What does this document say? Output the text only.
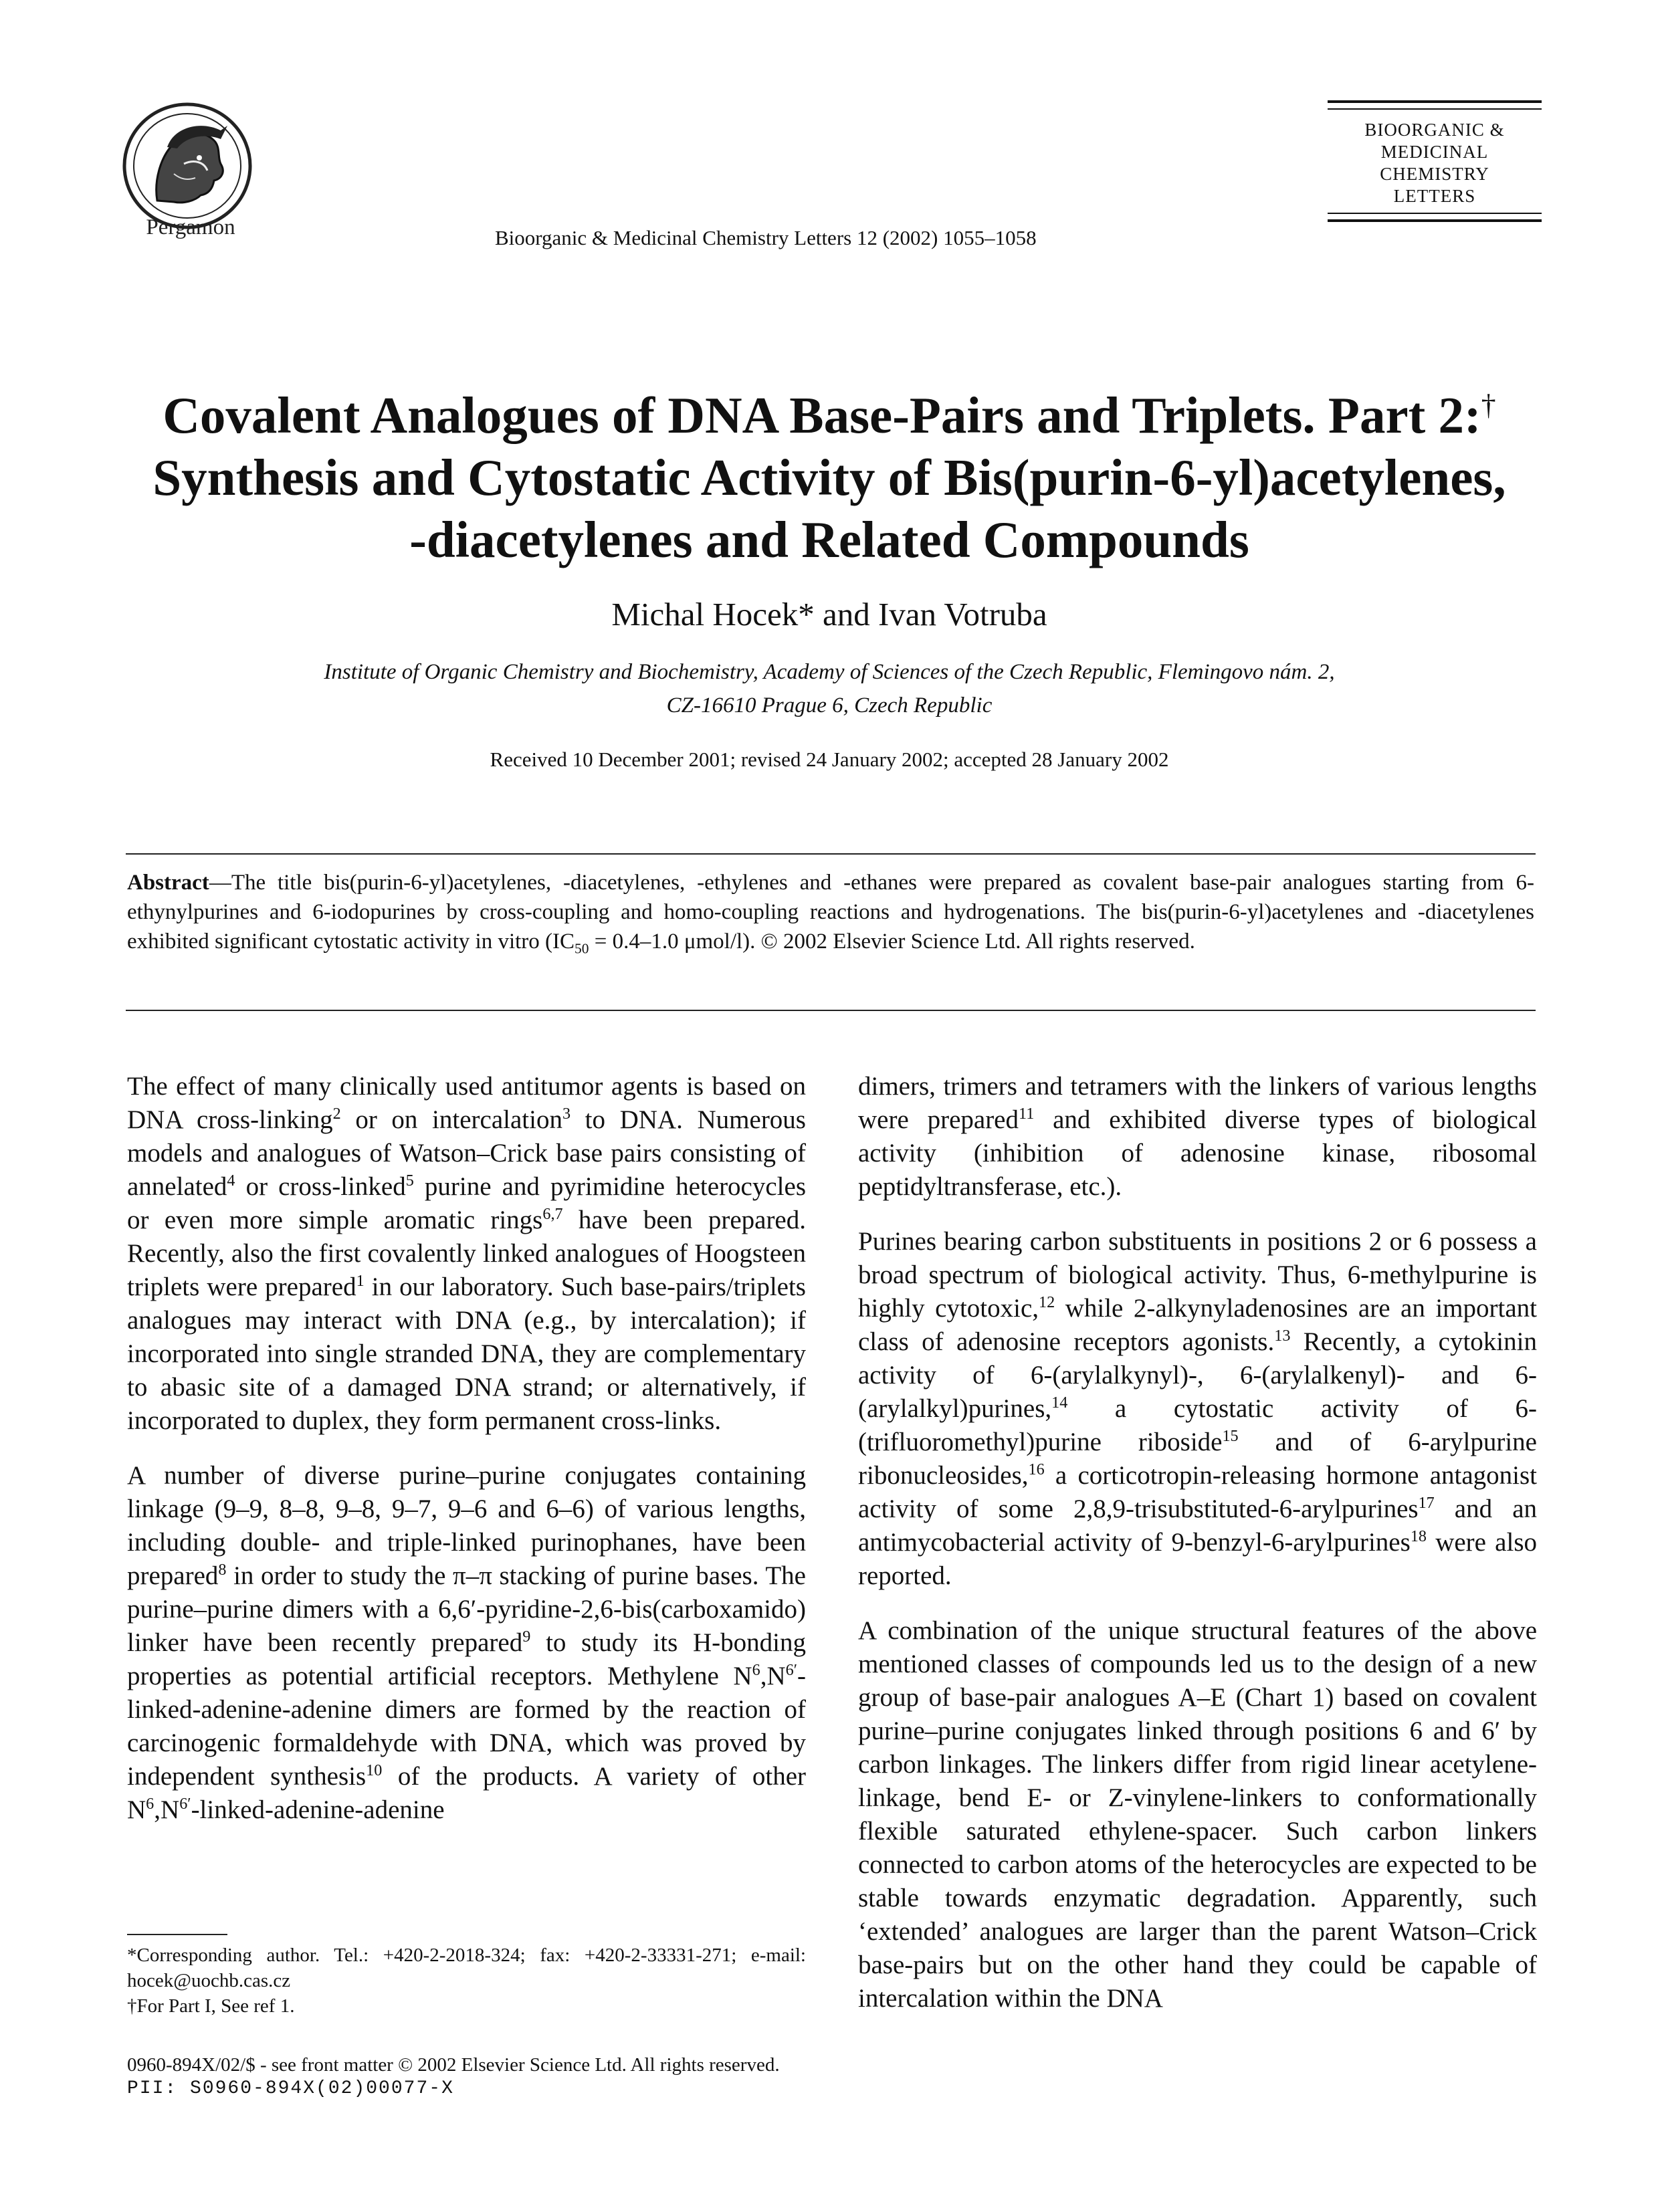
Pergamon	Bioorganic & Medicinal Chemistry Letters 12 (2002) 1055–1058
BIOORGANIC &
MEDICINAL
CHEMISTRY
LETTERS
Covalent Analogues of DNA Base-Pairs and Triplets. Part 2:†
Synthesis and Cytostatic Activity of Bis(purin-6-yl)acetylenes,
-diacetylenes and Related Compounds
Michal Hocek* and Ivan Votruba
Institute of Organic Chemistry and Biochemistry, Academy of Sciences of the Czech Republic, Flemingovo nám. 2,
CZ-16610 Prague 6, Czech Republic
Received 10 December 2001; revised 24 January 2002; accepted 28 January 2002
Abstract—The title bis(purin-6-yl)acetylenes, -diacetylenes, -ethylenes and -ethanes were prepared as covalent base-pair analogues starting from 6-ethynylpurines and 6-iodopurines by cross-coupling and homo-coupling reactions and hydrogenations. The bis(purin-6-yl)acetylenes and -diacetylenes exhibited significant cytostatic activity in vitro ($IC_{50} = 0.4-1.0$ μmol/l). © 2002 Elsevier Science Ltd. All rights reserved.

The effect of many clinically used antitumor agents is based on DNA cross-linking$^2$ or on intercalation$^3$ to DNA. Numerous models and analogues of Watson–Crick base pairs consisting of annelated$^4$ or cross-linked$^5$ purine and pyrimidine heterocycles or even more simple aromatic rings$^{6,7}$ have been prepared. Recently, also the first covalently linked analogues of Hoogsteen triplets were prepared$^1$ in our laboratory. Such base-pairs/triplets analogues may interact with DNA (e.g., by intercalation); if incorporated into single stranded DNA, they are complementary to abasic site of a damaged DNA strand; or alternatively, if incorporated to duplex, they form permanent cross-links.

A number of diverse purine–purine conjugates containing linkage (9–9, 8–8, 9–8, 9–7, 9–6 and 6–6) of various lengths, including double- and triple-linked purinophanes, have been prepared$^8$ in order to study the π–π stacking of purine bases. The purine–purine dimers with a 6,6′-pyridine-2,6-bis(carboxamido) linker have been recently prepared$^9$ to study its H-bonding properties as potential artificial receptors. Methylene $N^6,N^{6'}-linked-adenine$-adenine dimers are formed by the reaction of carcinogenic formaldehyde with DNA, which was proved by independent synthesis$^{10}$ of the products. A variety of other $N^6,N^{6'}-linked-adenine$-adenine

dimers, trimers and tetramers with the linkers of various lengths were prepared$^{11}$ and exhibited diverse types of biological activity (inhibition of adenosine kinase, ribosomal peptidyltransferase, etc.).

Purines bearing carbon substituents in positions 2 or 6 possess a broad spectrum of biological activity. Thus, 6-methylpurine is highly cytotoxic,$^{12}$ while 2-alkynyladenosines are an important class of adenosine receptors agonists.$^{13}$ Recently, a cytokinin activity of 6-(arylalkynyl)-, 6-(arylalkenyl)- and 6-(arylalkyl)purines,$^{14}$ a cytostatic activity of 6-(trifluoromethyl)purine riboside$^{15}$ and of 6-arylpurine ribonucleosides,$^{16}$ a corticotropin-releasing hormone antagonist activity of some 2,8,9-trisubstituted-6-arylpurines$^{17}$ and an antimycobacterial activity of 9-benzyl-6-arylpurines$^{18}$ were also reported.

A combination of the unique structural features of the above mentioned classes of compounds led us to the design of a new group of base-pair analogues A–E (Chart 1) based on covalent purine–purine conjugates linked through positions 6 and 6′ by carbon linkages. The linkers differ from rigid linear acetylene-linkage, bend E- or Z-vinylene-linkers to conformationally flexible saturated ethylene-spacer. Such carbon linkers connected to carbon atoms of the heterocycles are expected to be stable towards enzymatic degradation. Apparently, such ‘extended’ analogues are larger than the parent Watson–Crick base-pairs but on the other hand they could be capable of intercalation within the DNA

*Corresponding author. Tel.: +420-2-2018-324; fax: +420-2-33331-271; e-mail: hocek@uochb.cas.cz
†For Part I, See ref 1.
0960-894X/02/$ - see front matter © 2002 Elsevier Science Ltd. All rights reserved.
PII: S0960-894X(02)00077-X
